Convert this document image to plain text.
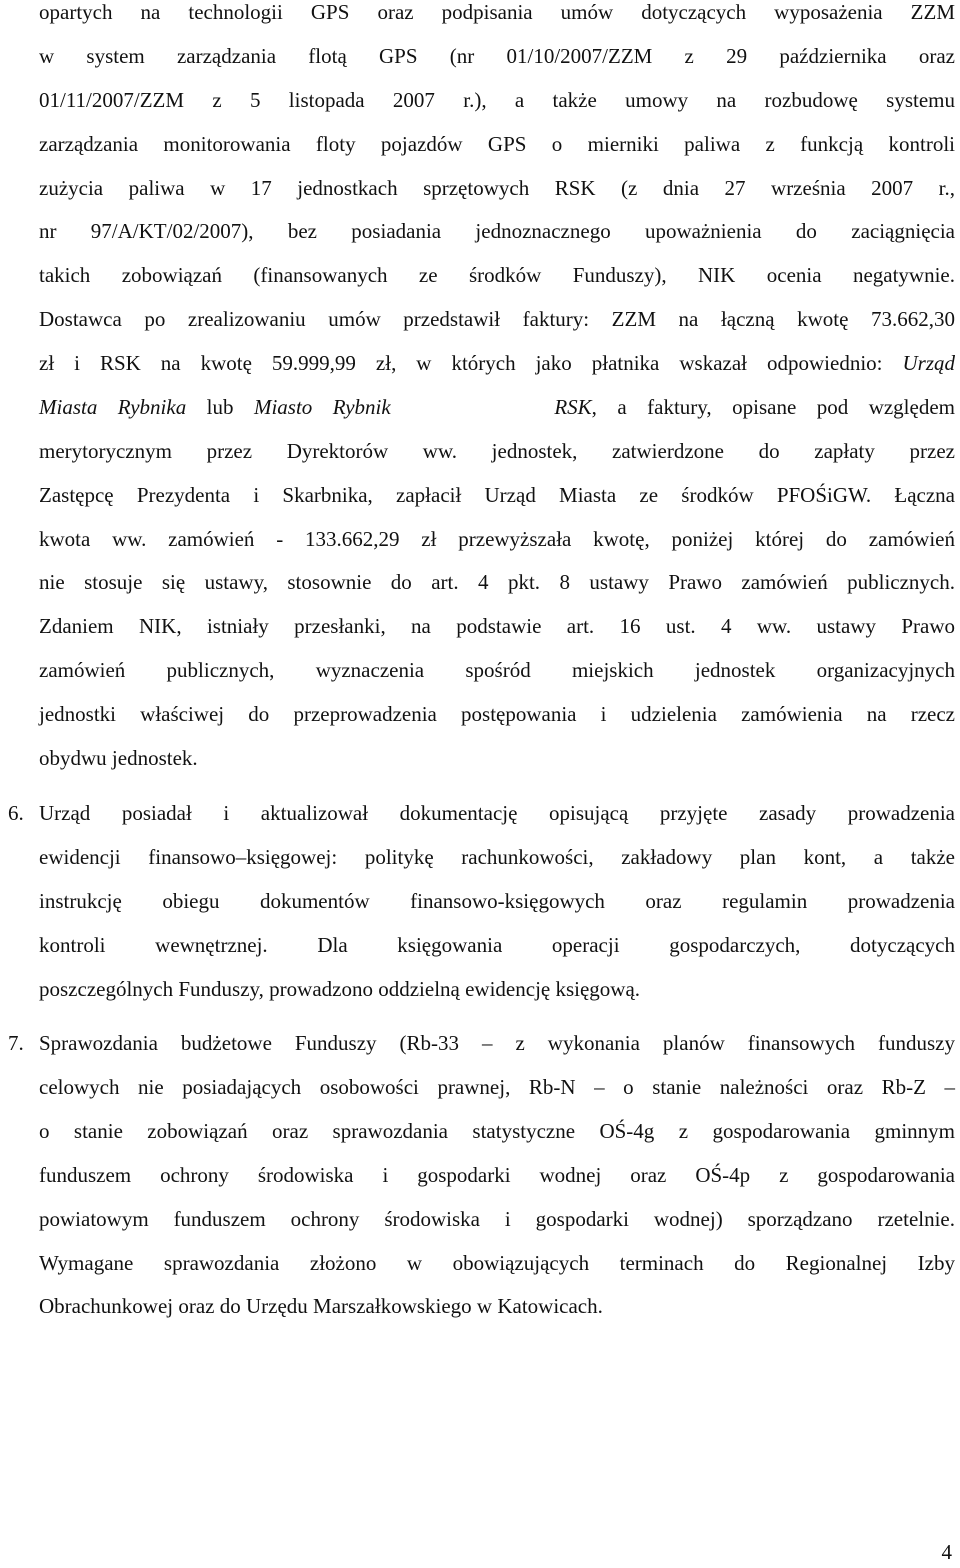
opartych na technologii GPS oraz podpisania umów dotyczących wyposażenia ZZM
w system zarządzania flotą GPS (nr 01/10/2007/ZZM z 29 października oraz
01/11/2007/ZZM z 5 listopada 2007 r.), a także umowy na rozbudowę systemu
zarządzania monitorowania floty pojazdów GPS o mierniki paliwa z funkcją kontroli
zużycia paliwa w 17 jednostkach sprzętowych RSK (z dnia 27 września 2007 r.,
nr 97/A/KT/02/2007), bez posiadania jednoznacznego upoważnienia do zaciągnięcia
takich zobowiązań (finansowanych ze środków Funduszy), NIK ocenia negatywnie.
Dostawca po zrealizowaniu umów przedstawił faktury: ZZM na łączną kwotę 73.662,30
zł i RSK na kwotę 59.999,99 zł, w których jako płatnika wskazał odpowiednio: Urząd
Miasta Rybnika lub Miasto Rybnik	RSK, a faktury, opisane pod względem
merytorycznym przez Dyrektorów ww. jednostek, zatwierdzone do zapłaty przez
Zastępcę Prezydenta i Skarbnika, zapłacił Urząd Miasta ze środków PFOŚiGW. Łączna
kwota ww. zamówień - 133.662,29 zł przewyższała kwotę, poniżej której do zamówień
nie stosuje się ustawy, stosownie do art. 4 pkt. 8 ustawy Prawo zamówień publicznych.
Zdaniem NIK, istniały przesłanki, na podstawie art. 16 ust. 4 ww. ustawy Prawo
zamówień publicznych, wyznaczenia spośród miejskich jednostek organizacyjnych
jednostki właściwej do przeprowadzenia postępowania i udzielenia zamówienia na rzecz
obydwu jednostek.
Urząd posiadał i aktualizował dokumentację opisującą przyjęte zasady prowadzenia
ewidencji finansowo–księgowej: politykę rachunkowości, zakładowy plan kont, a także
instrukcję obiegu dokumentów finansowo-księgowych oraz regulamin prowadzenia
kontroli wewnętrznej. Dla księgowania operacji gospodarczych, dotyczących
poszczególnych Funduszy, prowadzono oddzielną ewidencję księgową.
Sprawozdania budżetowe Funduszy (Rb-33 – z wykonania planów finansowych funduszy
celowych nie posiadających osobowości prawnej, Rb-N – o stanie należności oraz Rb-Z –
o stanie zobowiązań oraz sprawozdania statystyczne OŚ-4g z gospodarowania gminnym
funduszem ochrony środowiska i gospodarki wodnej oraz OŚ-4p z gospodarowania
powiatowym funduszem ochrony środowiska i gospodarki wodnej) sporządzano rzetelnie.
Wymagane sprawozdania złożono w obowiązujących terminach do Regionalnej Izby
Obrachunkowej oraz do Urzędu Marszałkowskiego w Katowicach.
6.
7.
4
